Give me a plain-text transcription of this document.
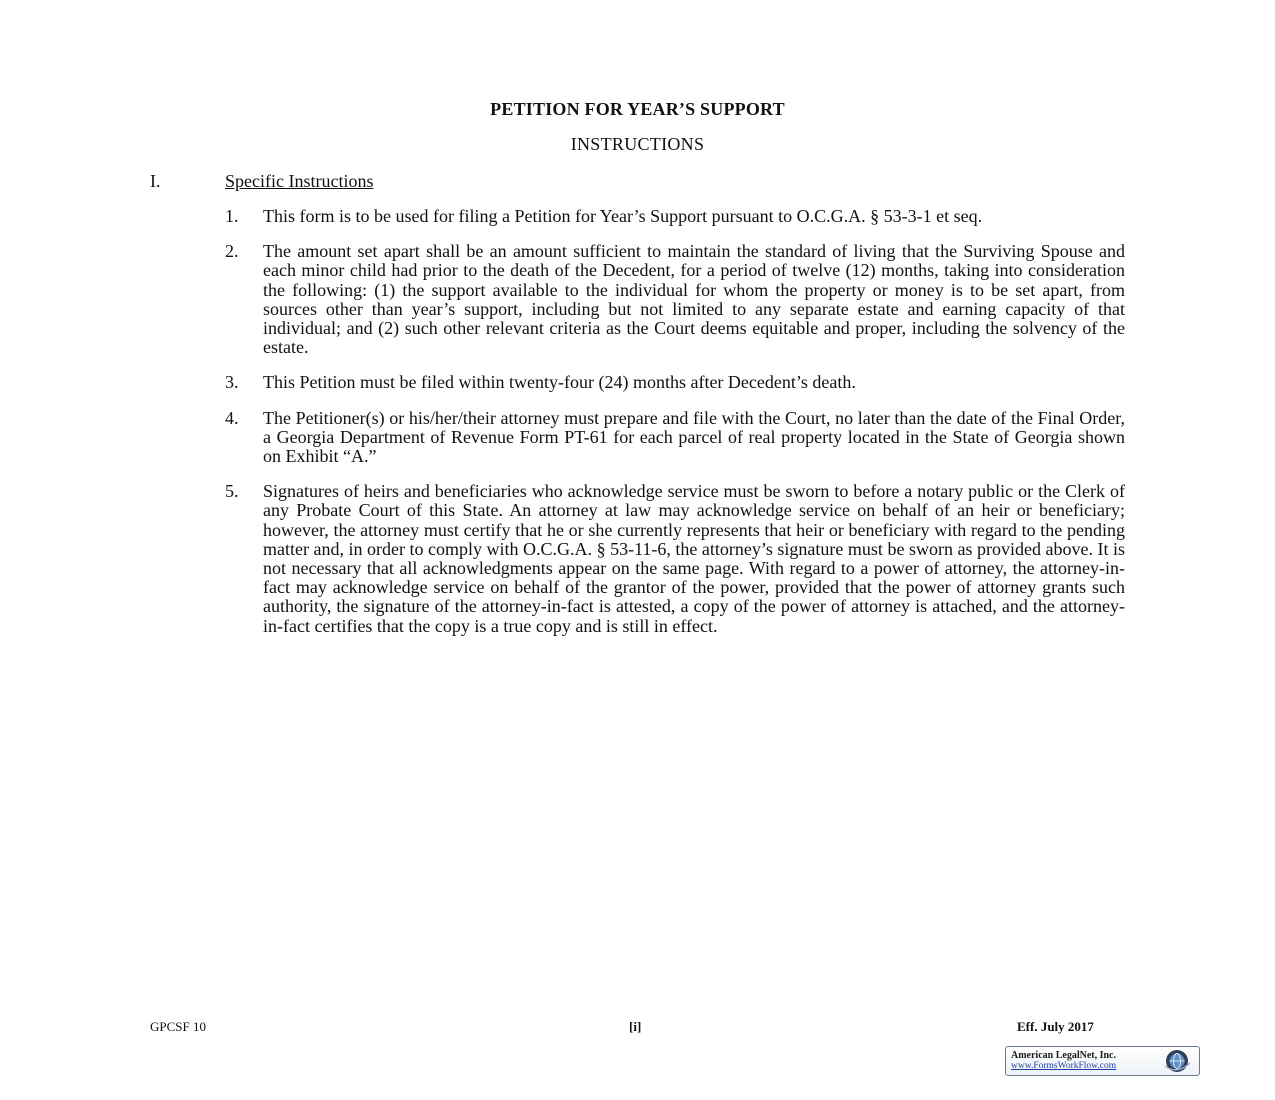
PETITION FOR YEAR’S SUPPORT
INSTRUCTIONS
I.	Specific Instructions
1. This form is to be used for filing a Petition for Year’s Support pursuant to O.C.G.A. § 53-3-1 et seq.
2. The amount set apart shall be an amount sufficient to maintain the standard of living that the Surviving Spouse and each minor child had prior to the death of the Decedent, for a period of twelve (12) months, taking into consideration the following: (1) the support available to the individual for whom the property or money is to be set apart, from sources other than year’s support, including but not limited to any separate estate and earning capacity of that individual; and (2) such other relevant criteria as the Court deems equitable and proper, including the solvency of the estate.
3. This Petition must be filed within twenty-four (24) months after Decedent’s death.
4. The Petitioner(s) or his/her/their attorney must prepare and file with the Court, no later than the date of the Final Order, a Georgia Department of Revenue Form PT-61 for each parcel of real property located in the State of Georgia shown on Exhibit “A.”
5. Signatures of heirs and beneficiaries who acknowledge service must be sworn to before a notary public or the Clerk of any Probate Court of this State. An attorney at law may acknowledge service on behalf of an heir or beneficiary; however, the attorney must certify that he or she currently represents that heir or beneficiary with regard to the pending matter and, in order to comply with O.C.G.A. § 53-11-6, the attorney’s signature must be sworn as provided above. It is not necessary that all acknowledgments appear on the same page. With regard to a power of attorney, the attorney-in-fact may acknowledge service on behalf of the grantor of the power, provided that the power of attorney grants such authority, the signature of the attorney-in-fact is attested, a copy of the power of attorney is attached, and the attorney-in-fact certifies that the copy is a true copy and is still in effect.
GPCSF 10	[i]	Eff. July 2017
American LegalNet, Inc.
www.FormsWorkFlow.com
